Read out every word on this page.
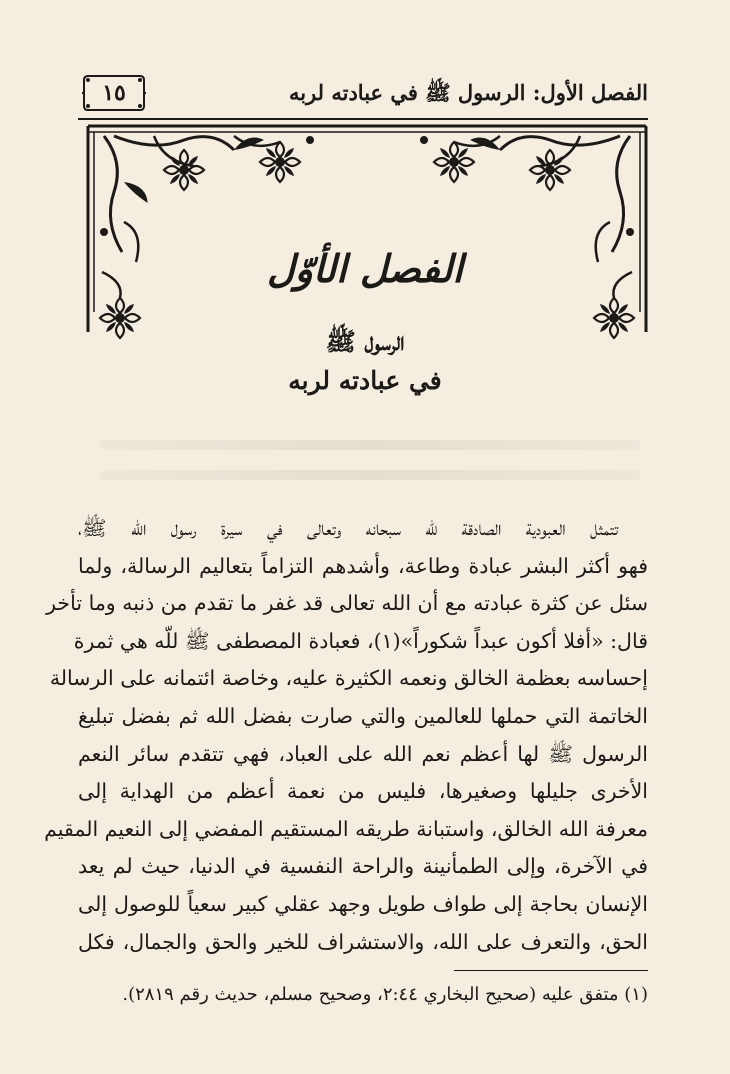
الفصل الأول: الرسول ﷺ في عبادته لربه
١٥
الفصل الأوّل
الرسول ﷺ
في عبادته لربه
تتمثل العبودية الصادقة للّه سبحانه وتعالى في سيرة رسول الله ﷺ،
فهو أكثر البشر عبادة وطاعة، وأشدهم التزاماً بتعاليم الرسالة، ولما
سئل عن كثرة عبادته مع أن الله تعالى قد غفر ما تقدم من ذنبه وما تأخر
قال: «أفلا أكون عبداً شكوراً»(١)، فعبادة المصطفى ﷺ للّه هي ثمرة
إحساسه بعظمة الخالق ونعمه الكثيرة عليه، وخاصة ائتمانه على الرسالة
الخاتمة التي حملها للعالمين والتي صارت بفضل الله ثم بفضل تبليغ
الرسول ﷺ لها أعظم نعم الله على العباد، فهي تتقدم سائر النعم
الأخرى جليلها وصغيرها، فليس من نعمة أعظم من الهداية إلى
معرفة الله الخالق، واستبانة طريقه المستقيم المفضي إلى النعيم المقيم
في الآخرة، وإلى الطمأنينة والراحة النفسية في الدنيا، حيث لم يعد
الإنسان بحاجة إلى طواف طويل وجهد عقلي كبير سعياً للوصول إلى
الحق، والتعرف على الله، والاستشراف للخير والحق والجمال، فكل
(١) متفق عليه (صحيح البخاري ٢:٤٤، وصحيح مسلم، حديث رقم ٢٨١٩).
